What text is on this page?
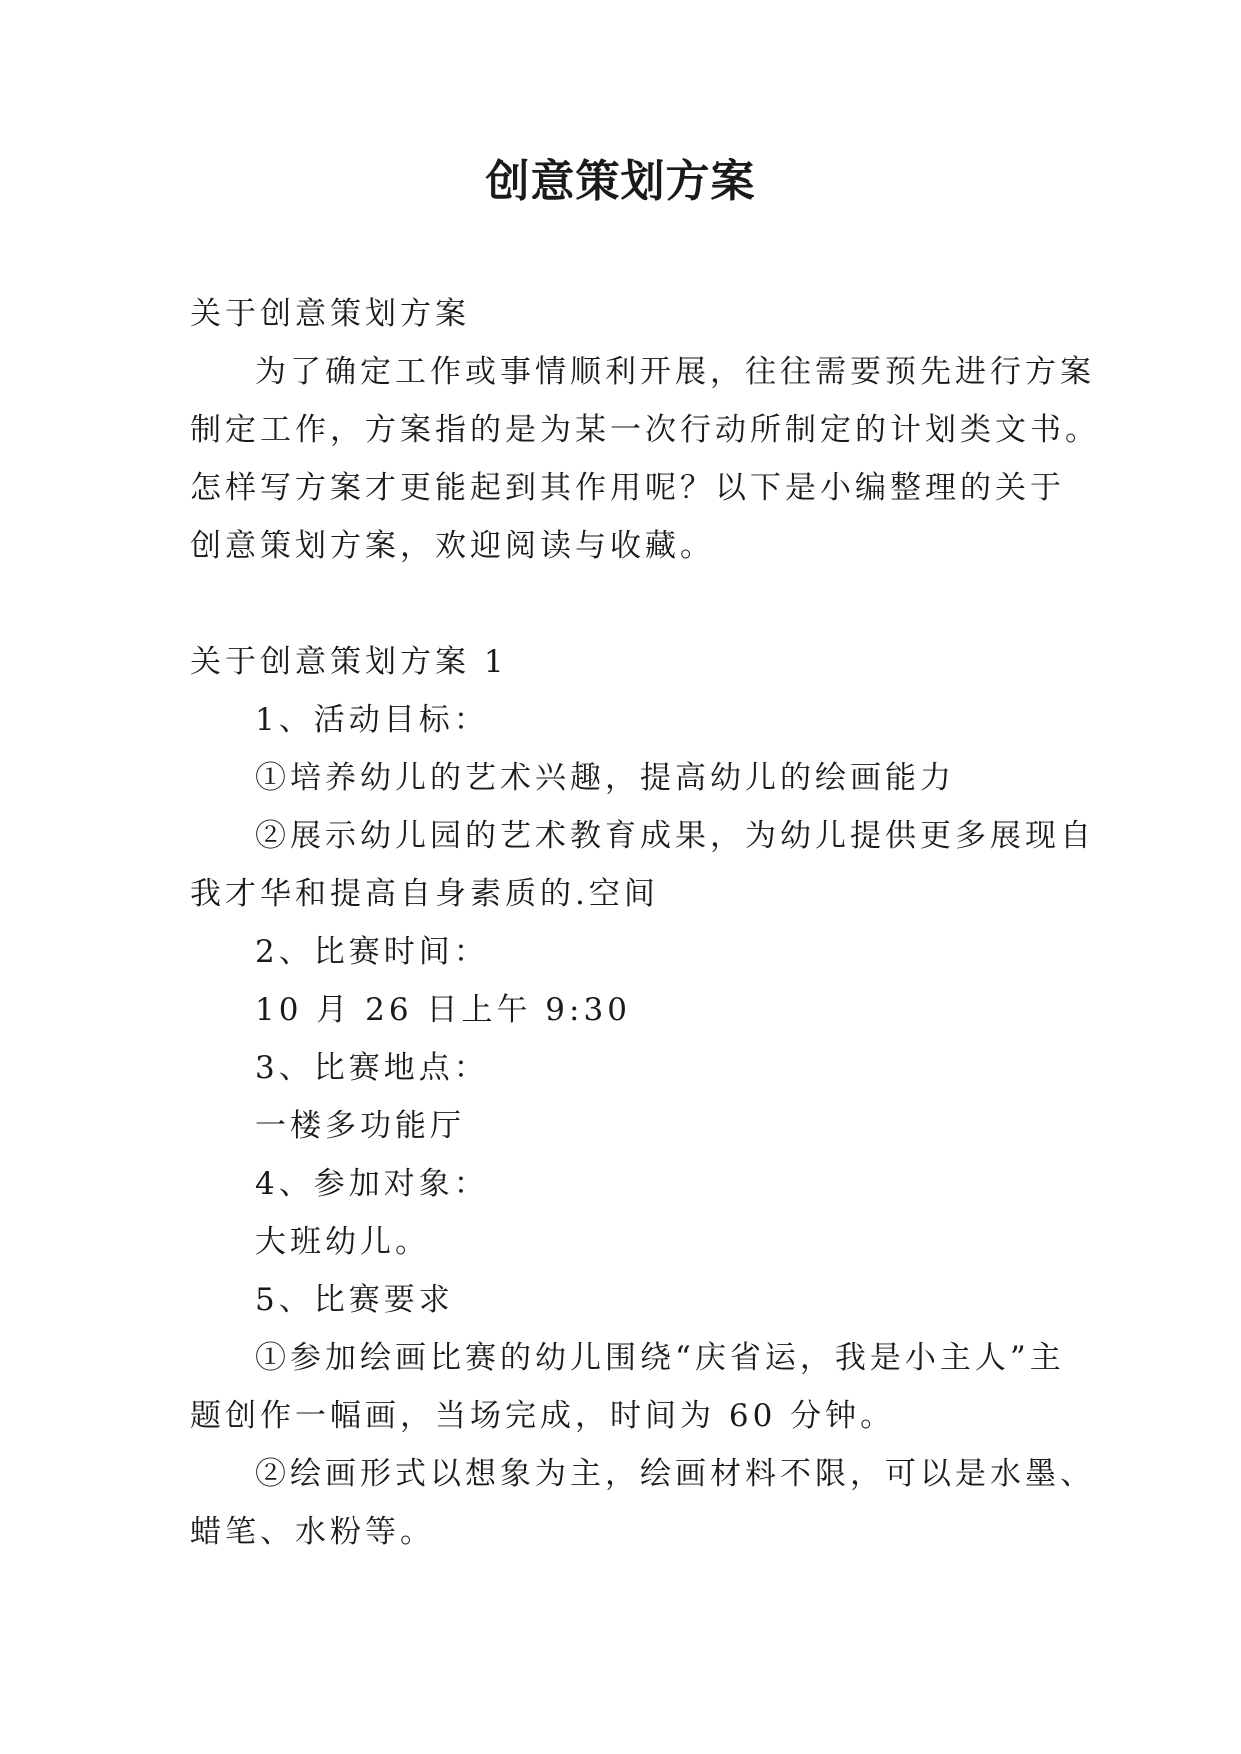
创意策划方案
关于创意策划方案
为了确定工作或事情顺利开展，往往需要预先进行方案
制定工作，方案指的是为某一次行动所制定的计划类文书。
怎样写方案才更能起到其作用呢？以下是小编整理的关于
创意策划方案，欢迎阅读与收藏。
关于创意策划方案 1
1、活动目标：
①培养幼儿的艺术兴趣，提高幼儿的绘画能力
②展示幼儿园的艺术教育成果，为幼儿提供更多展现自
我才华和提高自身素质的.空间
2、比赛时间：
10 月 26 日上午 9:30
3、比赛地点：
一楼多功能厅
4、参加对象：
大班幼儿。
5、比赛要求
①参加绘画比赛的幼儿围绕“庆省运，我是小主人”主
题创作一幅画，当场完成，时间为 60 分钟。
②绘画形式以想象为主，绘画材料不限，可以是水墨、
蜡笔、水粉等。
